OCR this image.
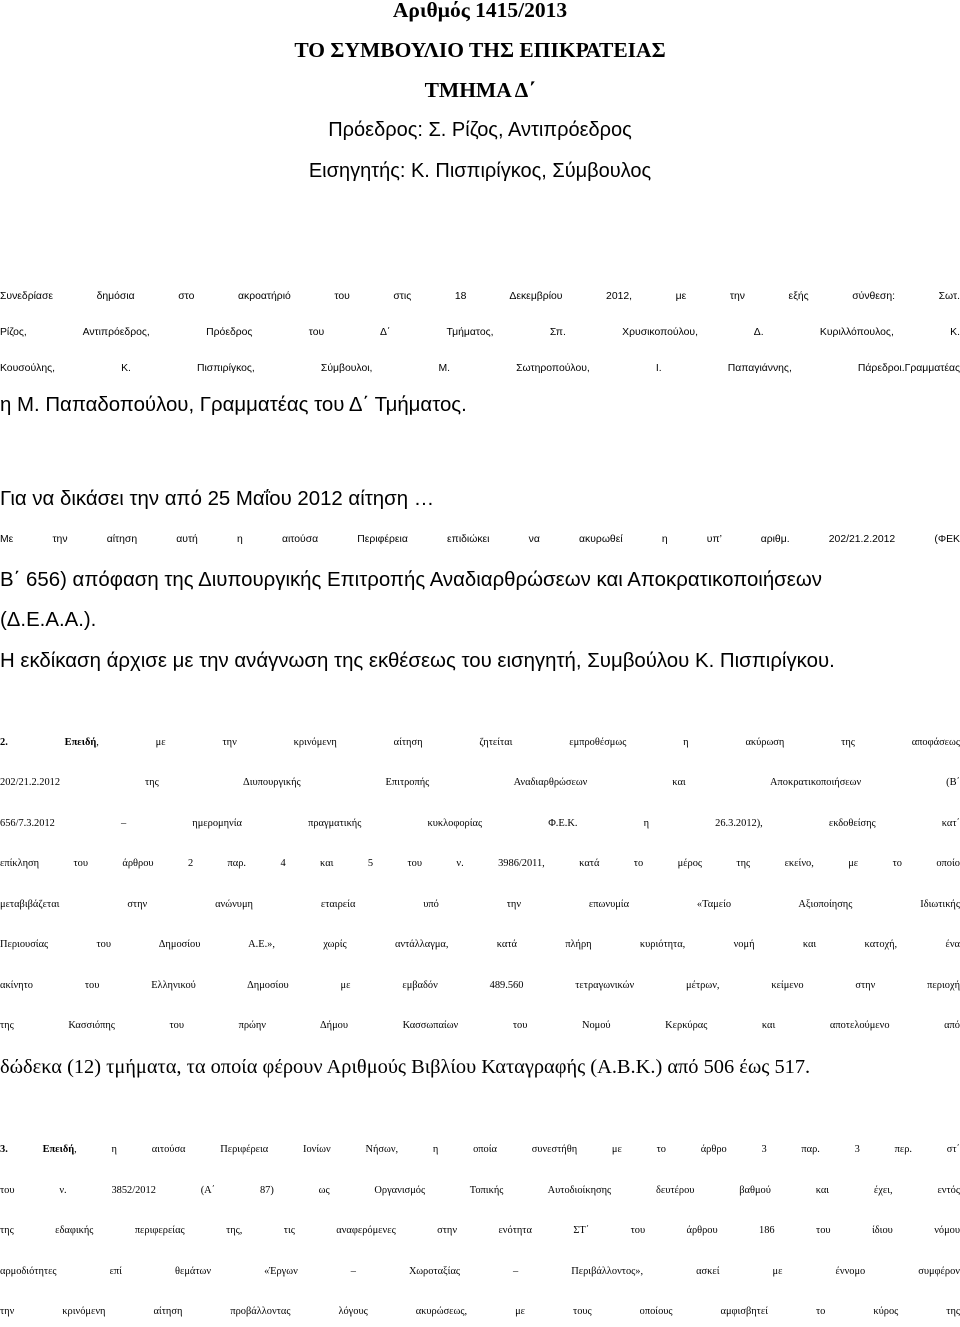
Αριθμός 1415/2013
ΤΟ ΣΥΜΒΟΥΛΙΟ ΤΗΣ ΕΠΙΚΡΑΤΕΙΑΣ
ΤΜΗΜΑ Δ΄
Πρόεδρος: Σ. Ρίζος, Αντιπρόεδρος
Εισηγητής: Κ. Πισπιρίγκος, Σύμβουλος
Συνεδρίασε δημόσια στο ακροατήριό του στις 18 Δεκεμβρίου 2012, με την εξής σύνθεση: Σωτ.
Ρίζος, Αντιπρόεδρος, Πρόεδρος του Δ΄ Τμήματος, Σπ. Χρυσικοπούλου, Δ. Κυριλλόπουλος, Κ.
Κουσούλης, Κ. Πισπιρίγκος, Σύμβουλοι, Μ. Σωτηροπούλου, Ι. Παπαγιάννης, Πάρεδροι.Γραμματέας
η Μ. Παπαδοπούλου, Γραμματέας του Δ΄ Τμήματος.
Για να δικάσει την από 25 Μαΐου 2012 αίτηση …
Με την αίτηση αυτή η αιτούσα Περιφέρεια επιδιώκει να ακυρωθεί η υπ’ αριθμ. 202/21.2.2012 (ΦΕΚ
Β΄ 656) απόφαση της Διυπουργικής Επιτροπής Αναδιαρθρώσεων και Αποκρατικοποιήσεων
(Δ.Ε.Α.Α.).
Η εκδίκαση άρχισε με την ανάγνωση της εκθέσεως του εισηγητή, Συμβούλου Κ. Πισπιρίγκου.
2.	Επειδή, με την κρινόμενη αίτηση ζητείται εμπροθέσμως η ακύρωση της αποφάσεως
202/21.2.2012 της Διυπουργικής Επιτροπής Αναδιαρθρώσεων και Αποκρατικοποιήσεων (Β΄
656/7.3.2012 – ημερομηνία πραγματικής κυκλοφορίας Φ.Ε.Κ. η 26.3.2012), εκδοθείσης κατ΄
επίκληση του άρθρου 2 παρ. 4 και 5 του ν. 3986/2011, κατά το μέρος της εκείνο, με το οποίο
μεταβιβάζεται στην ανώνυμη εταιρεία υπό την επωνυμία «Ταμείο Αξιοποίησης Ιδιωτικής
Περιουσίας του Δημοσίου Α.Ε.», χωρίς αντάλλαγμα, κατά πλήρη κυριότητα, νομή και κατοχή, ένα
ακίνητο του Ελληνικού Δημοσίου με εμβαδόν 489.560 τετραγωνικών μέτρων, κείμενο στην περιοχή
της Κασσιόπης του πρώην Δήμου Κασσωπαίων του Νομού Κερκύρας και αποτελούμενο από
δώδεκα (12) τμήματα, τα οποία φέρουν Αριθμούς Βιβλίου Καταγραφής (Α.Β.Κ.) από 506 έως 517.
3.	Επειδή, η αιτούσα Περιφέρεια Ιονίων Νήσων, η οποία συνεστήθη με το άρθρο 3 παρ. 3 περ. στ΄
του ν. 3852/2012 (Α΄ 87) ως Οργανισμός Τοπικής Αυτοδιοίκησης δευτέρου βαθμού και έχει, εντός
της εδαφικής περιφερείας της, τις αναφερόμενες στην ενότητα ΣΤ΄ του άρθρου 186 του ίδιου νόμου
αρμοδιότητες επί θεμάτων «Έργων – Χωροταξίας – Περιβάλλοντος», ασκεί με έννομο συμφέρον
την κρινόμενη αίτηση προβάλλοντας λόγους ακυρώσεως, με τους οποίους αμφισβητεί το κύρος της
